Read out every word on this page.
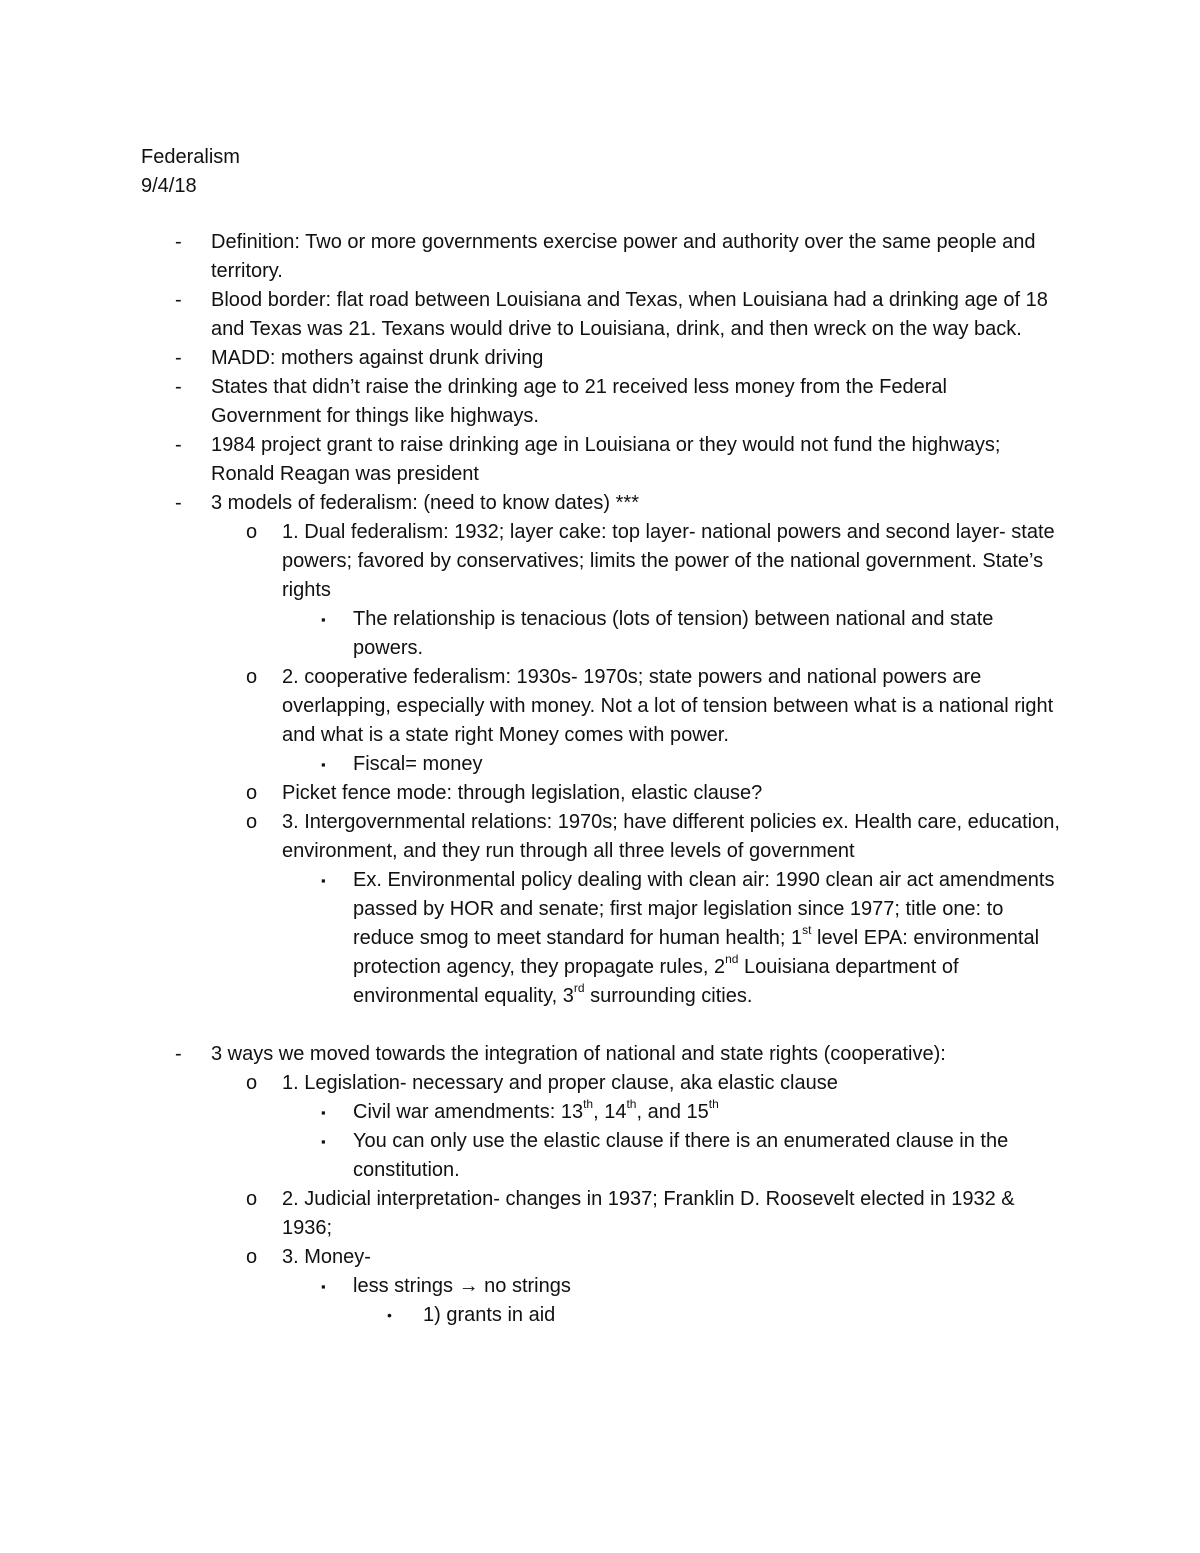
Federalism
9/4/18
- Definition: Two or more governments exercise power and authority over the same people and territory.
- Blood border: flat road between Louisiana and Texas, when Louisiana had a drinking age of 18 and Texas was 21. Texans would drive to Louisiana, drink, and then wreck on the way back.
- MADD: mothers against drunk driving
- States that didn’t raise the drinking age to 21 received less money from the Federal Government for things like highways.
- 1984 project grant to raise drinking age in Louisiana or they would not fund the highways; Ronald Reagan was president
- 3 models of federalism: (need to know dates) ***
o 1. Dual federalism: 1932; layer cake: top layer- national powers and second layer- state powers; favored by conservatives; limits the power of the national government. State’s rights
▪ The relationship is tenacious (lots of tension) between national and state powers.
o 2. cooperative federalism: 1930s- 1970s; state powers and national powers are overlapping, especially with money. Not a lot of tension between what is a national right and what is a state right Money comes with power.
▪ Fiscal= money
o Picket fence mode: through legislation, elastic clause?
o 3. Intergovernmental relations: 1970s; have different policies ex. Health care, education, environment, and they run through all three levels of government
▪ Ex. Environmental policy dealing with clean air: 1990 clean air act amendments passed by HOR and senate; first major legislation since 1977; title one: to reduce smog to meet standard for human health; 1st level EPA: environmental protection agency, they propagate rules, 2nd Louisiana department of environmental equality, 3rd surrounding cities.
- 3 ways we moved towards the integration of national and state rights (cooperative):
o 1. Legislation- necessary and proper clause, aka elastic clause
▪ Civil war amendments: 13th, 14th, and 15th
▪ You can only use the elastic clause if there is an enumerated clause in the constitution.
o 2. Judicial interpretation- changes in 1937; Franklin D. Roosevelt elected in 1932 & 1936;
o 3. Money-
▪ less strings → no strings
• 1) grants in aid
